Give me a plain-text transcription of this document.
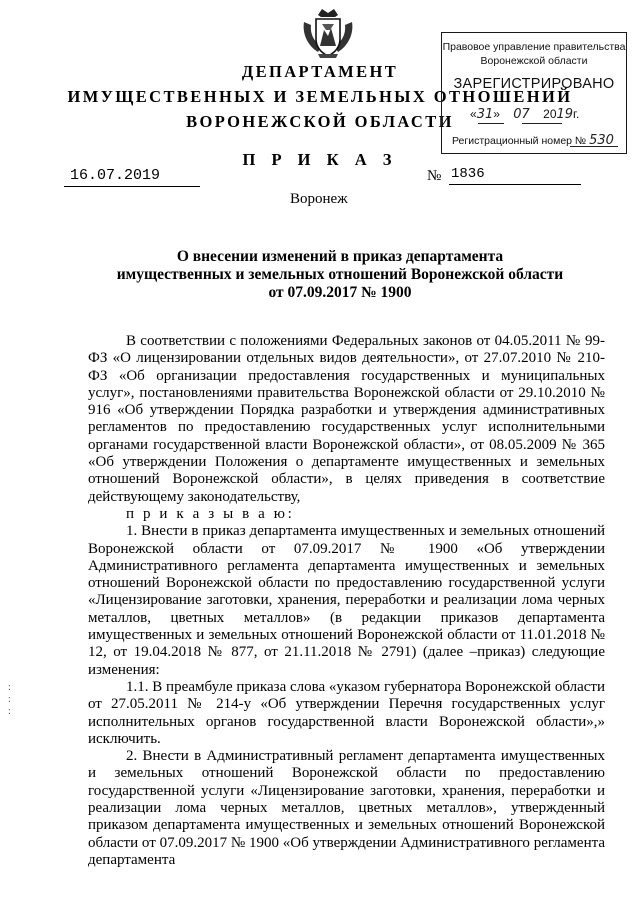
ДЕПАРТАМЕНТ
ИМУЩЕСТВЕННЫХ И ЗЕМЕЛЬНЫХ ОТНОШЕНИЙ
ВОРОНЕЖСКОЙ ОБЛАСТИ
П Р И К А З
Правовое управление правительства
Воронежской области
ЗАРЕГИСТРИРОВАНО
«31»    07 2019г.
Регистрационный номер № 530
16.07.2019	№ 1836
Воронеж
О внесении изменений в приказ департамента
имущественных и земельных отношений Воронежской области
от 07.09.2017 № 1900

В соответствии с положениями Федеральных законов от 04.05.2011 № 99-ФЗ «О лицензировании отдельных видов деятельности», от 27.07.2010 № 210-ФЗ «Об организации предоставления государственных и муниципальных услуг», постановлениями правительства Воронежской области от 29.10.2010 № 916 «Об утверждении Порядка разработки и утверждения административных регламентов по предоставлению государственных услуг исполнительными органами государственной власти Воронежской области», от 08.05.2009 № 365 «Об утверждении Положения о департаменте имущественных и земельных отношений Воронежской области», в целях приведения в соответствие действующему законодательству,

п р и к а з ы в а ю:

1. Внести в приказ департамента имущественных и земельных отношений Воронежской области от 07.09.2017 № 1900 «Об утверждении Административного регламента департамента имущественных и земельных отношений Воронежской области по предоставлению государственной услуги «Лицензирование заготовки, хранения, переработки и реализации лома черных металлов, цветных металлов» (в редакции приказов департамента имущественных и земельных отношений Воронежской области от 11.01.2018 № 12, от 19.04.2018 № 877, от 21.11.2018 № 2791) (далее –приказ) следующие изменения:

1.1. В преамбуле приказа слова «указом губернатора Воронежской области от 27.05.2011 № 214-у «Об утверждении Перечня государственных услуг исполнительных органов государственной власти Воронежской области»,» исключить.

2. Внести в Административный регламент департамента имущественных и земельных отношений Воронежской области по предоставлению государственной услуги «Лицензирование заготовки, хранения, переработки и реализации лома черных металлов, цветных металлов», утвержденный приказом департамента имущественных и земельных отношений Воронежской области от 07.09.2017 № 1900 «Об утверждении Административного регламента департамента

:
:
:
